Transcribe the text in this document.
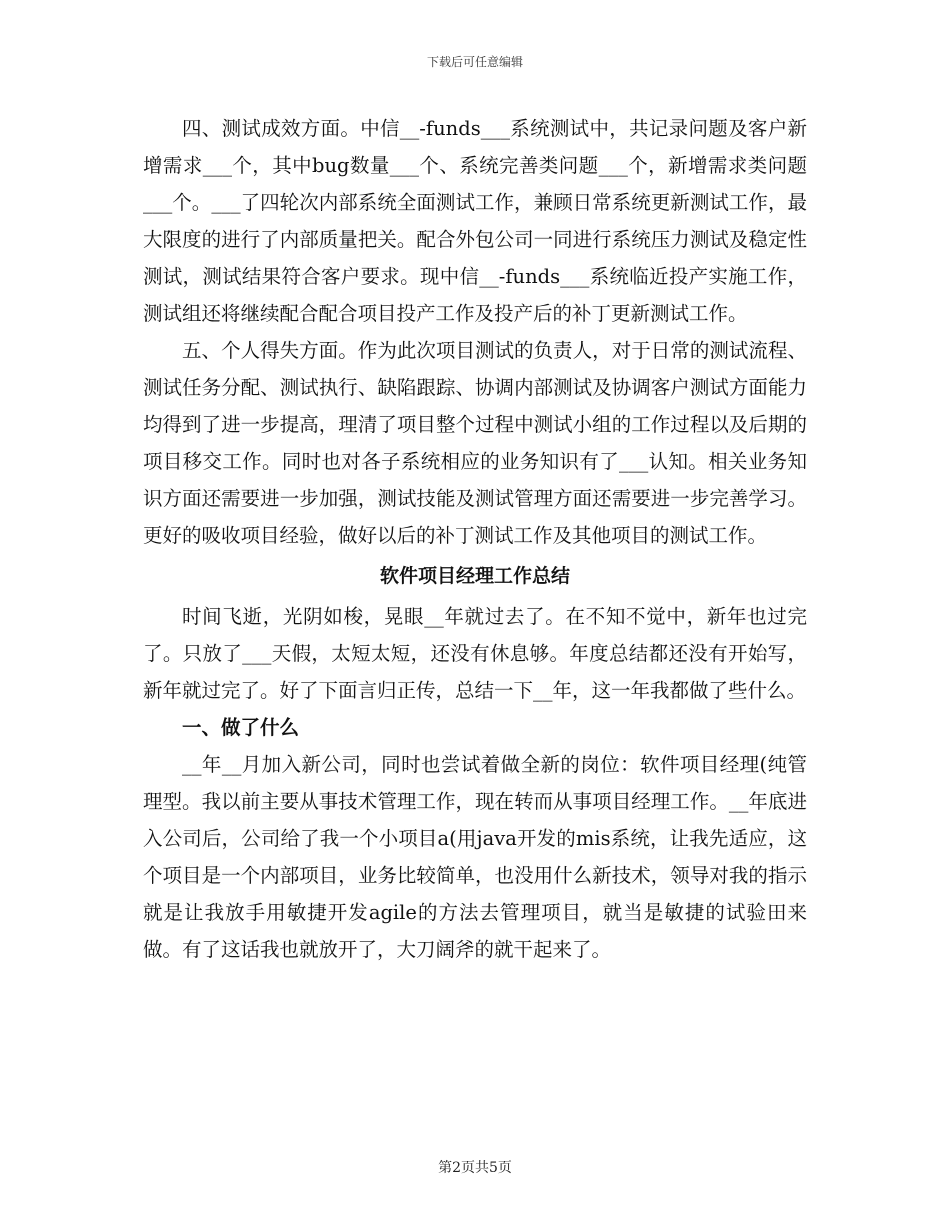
下载后可任意编辑

四、测试成效方面。中信__-funds___系统测试中，共记录问题及客户新增需求___个，其中bug数量___个、系统完善类问题___个，新增需求类问题___个。___了四轮次内部系统全面测试工作，兼顾日常系统更新测试工作，最大限度的进行了内部质量把关。配合外包公司一同进行系统压力测试及稳定性测试，测试结果符合客户要求。现中信__-funds___系统临近投产实施工作，测试组还将继续配合配合项目投产工作及投产后的补丁更新测试工作。

五、个人得失方面。作为此次项目测试的负责人，对于日常的测试流程、测试任务分配、测试执行、缺陷跟踪、协调内部测试及协调客户测试方面能力均得到了进一步提高，理清了项目整个过程中测试小组的工作过程以及后期的项目移交工作。同时也对各子系统相应的业务知识有了___认知。相关业务知识方面还需要进一步加强，测试技能及测试管理方面还需要进一步完善学习。更好的吸收项目经验，做好以后的补丁测试工作及其他项目的测试工作。

软件项目经理工作总结

时间飞逝，光阴如梭，晃眼__年就过去了。在不知不觉中，新年也过完了。只放了___天假，太短太短，还没有休息够。年度总结都还没有开始写，新年就过完了。好了下面言归正传，总结一下__年，这一年我都做了些什么。

一、做了什么

__年__月加入新公司，同时也尝试着做全新的岗位：软件项目经理(纯管理型。我以前主要从事技术管理工作，现在转而从事项目经理工作。__年底进入公司后，公司给了我一个小项目a(用java开发的mis系统，让我先适应，这个项目是一个内部项目，业务比较简单，也没用什么新技术，领导对我的指示就是让我放手用敏捷开发agile的方法去管理项目，就当是敏捷的试验田来做。有了这话我也就放开了，大刀阔斧的就干起来了。

第2页共5页
